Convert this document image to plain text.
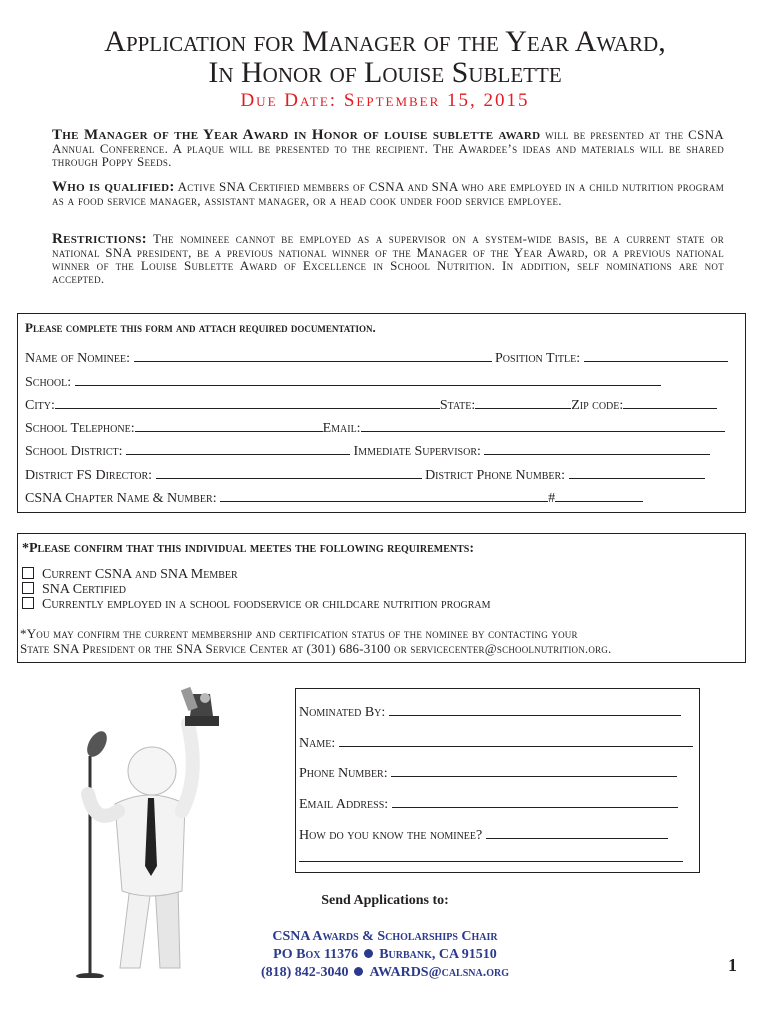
Application for Manager of the Year Award,
In Honor of Louise Sublette
Due Date: September 15, 2015
The Manager of the Year Award in Honor of louise sublette award will be presented at the CSNA Annual Conference. A plaque will be presented to the recipient. The Awardee’s ideas and materials will be shared through Poppy Seeds.
Who is qualified: Active SNA Certified members of CSNA and SNA who are employed in a child nutrition program as a food service manager, assistant manager, or a head cook under food service employee.
Restrictions: The nomineee cannot be employed as a supervisor on a system-wide basis, be a current state or national SNA president, be a previous national winner of the Manager of the Year Award, or a previous national winner of the Louise Sublette Award of Excellence in School Nutrition. In addition, self nominations are not accepted.
Please complete this form and attach required documentation.
Name of Nominee:	Position Title:
School:
City:	State:	Zip code:
School Telephone:	Email:
School District:	Immediate Supervisor:
District FS Director:	District Phone Number:
CSNA Chapter Name & Number:	#
*Please confirm that this individual meetes the following requirements:
Current CSNA and SNA Member
SNA Certified
Currently employed in a school foodservice or childcare nutrition program
*You may confirm the current membership and certification status of the nominee by contacting your
State SNA President or the SNA Service Center at (301) 686-3100 or servicecenter@schoolnutrition.org.
Nominated By:
Name:
Phone Number:
Email Address:
How do you know the nominee?
Send Applications to:
CSNA Awards & Scholarships Chair
PO Box 11376 Burbank, CA 91510
(818) 842-3040 AWARDS@calsna.org	1
